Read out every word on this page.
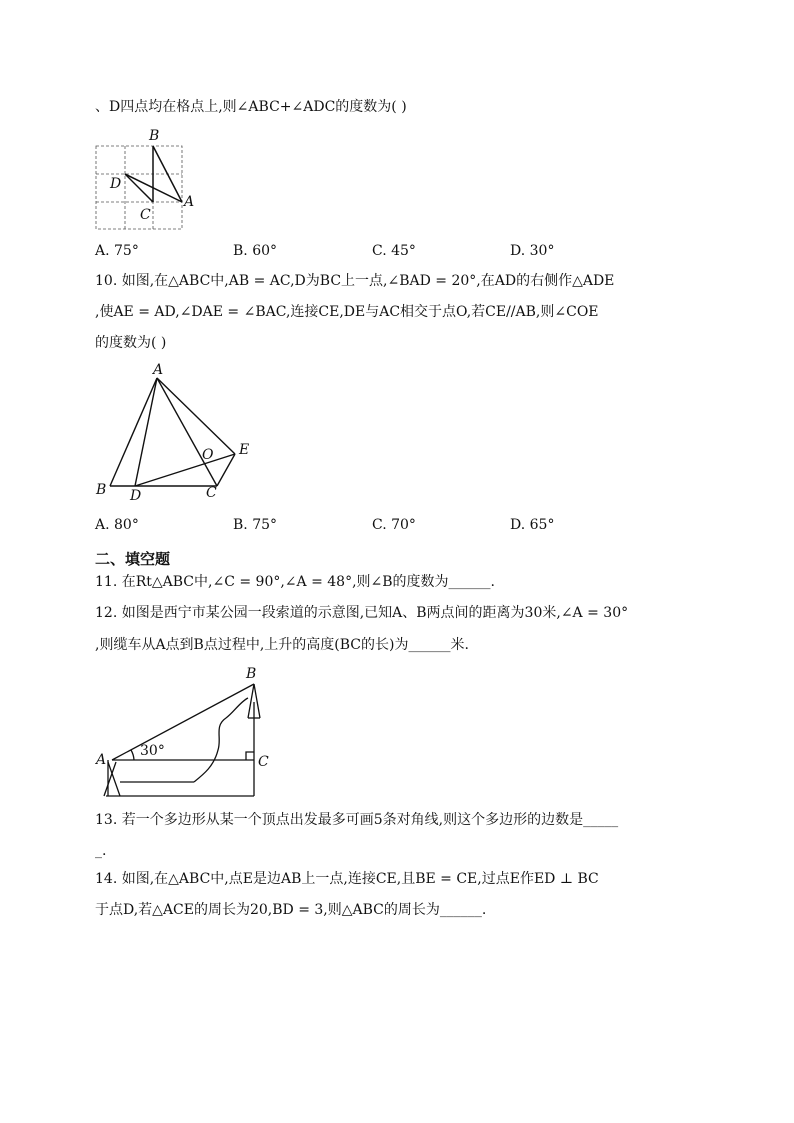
、D四点均在格点上,则∠ABC+∠ADC的度数为( )
B
D
C
A
A. 75°	B. 60°	C. 45°	D. 30°
10. 如图,在△ABC中,AB = AC,D为BC上一点,∠BAD = 20°,在AD的右侧作△ADE
,使AE = AD,∠DAE = ∠BAC,连接CE,DE与AC相交于点O,若CE//AB,则∠COE
的度数为( )
A
B D	C
E
O
A. 80°	B. 75°	C. 70°	D. 65°
二、填空题
11. 在Rt△ABC中,∠C = 90°,∠A = 48°,则∠B的度数为______.
12. 如图是西宁市某公园一段索道的示意图,已知A、B两点间的距离为30米,∠A = 30°
,则缆车从A点到B点过程中,上升的高度(BC的长)为______米.
B
A	C
30°
13. 若一个多边形从某一个顶点出发最多可画5条对角线,则这个多边形的边数是_____
_.
14. 如图,在△ABC中,点E是边AB上一点,连接CE,且BE = CE,过点E作ED ⊥ BC
于点D,若△ACE的周长为20,BD = 3,则△ABC的周长为______.
